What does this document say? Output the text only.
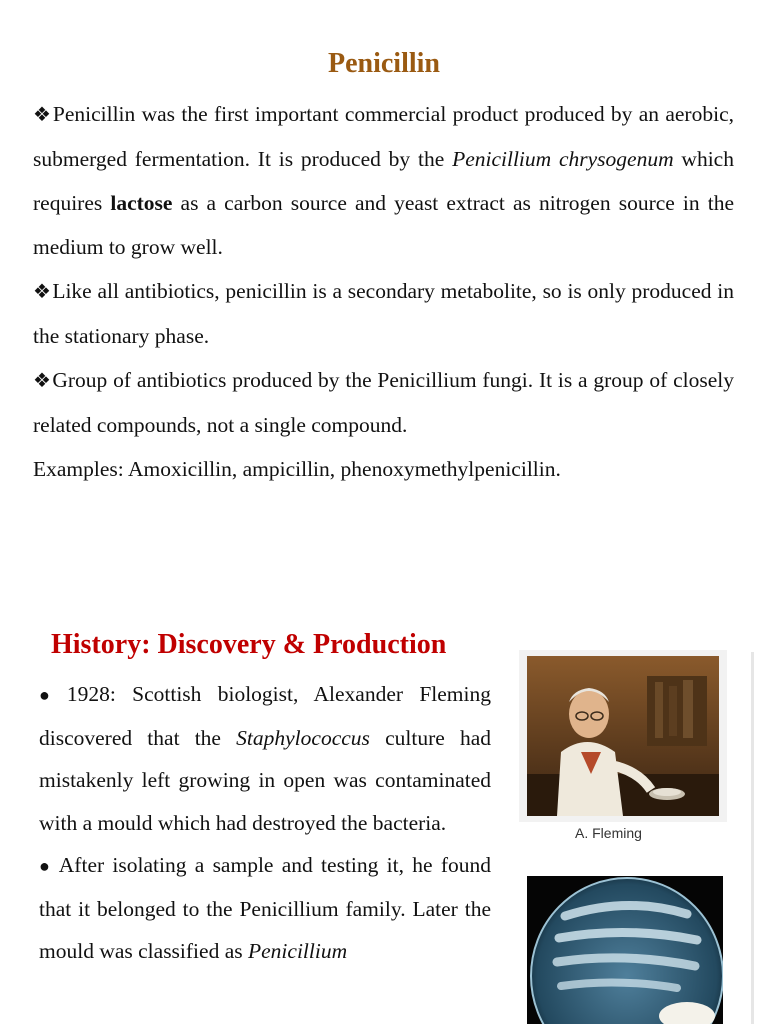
Penicillin

❖Penicillin was the first important commercial product produced by an aerobic, submerged fermentation. It is produced by the Penicillium chrysogenum which requires lactose as a carbon source and yeast extract as nitrogen source in the medium to grow well.

❖Like all antibiotics, penicillin is a secondary metabolite, so is only produced in the stationary phase.

❖Group of antibiotics produced by the Penicillium fungi. It is a group of closely related compounds, not a single compound.

Examples: Amoxicillin, ampicillin, phenoxymethylpenicillin.

History: Discovery & Production

● 1928: Scottish biologist, Alexander Fleming discovered that the Staphylococcus culture had mistakenly left growing in open was contaminated with a mould which had destroyed the bacteria.

● After isolating a sample and testing it, he found that it belonged to the Penicillium family. Later the mould was classified as Penicillium

A. Fleming
